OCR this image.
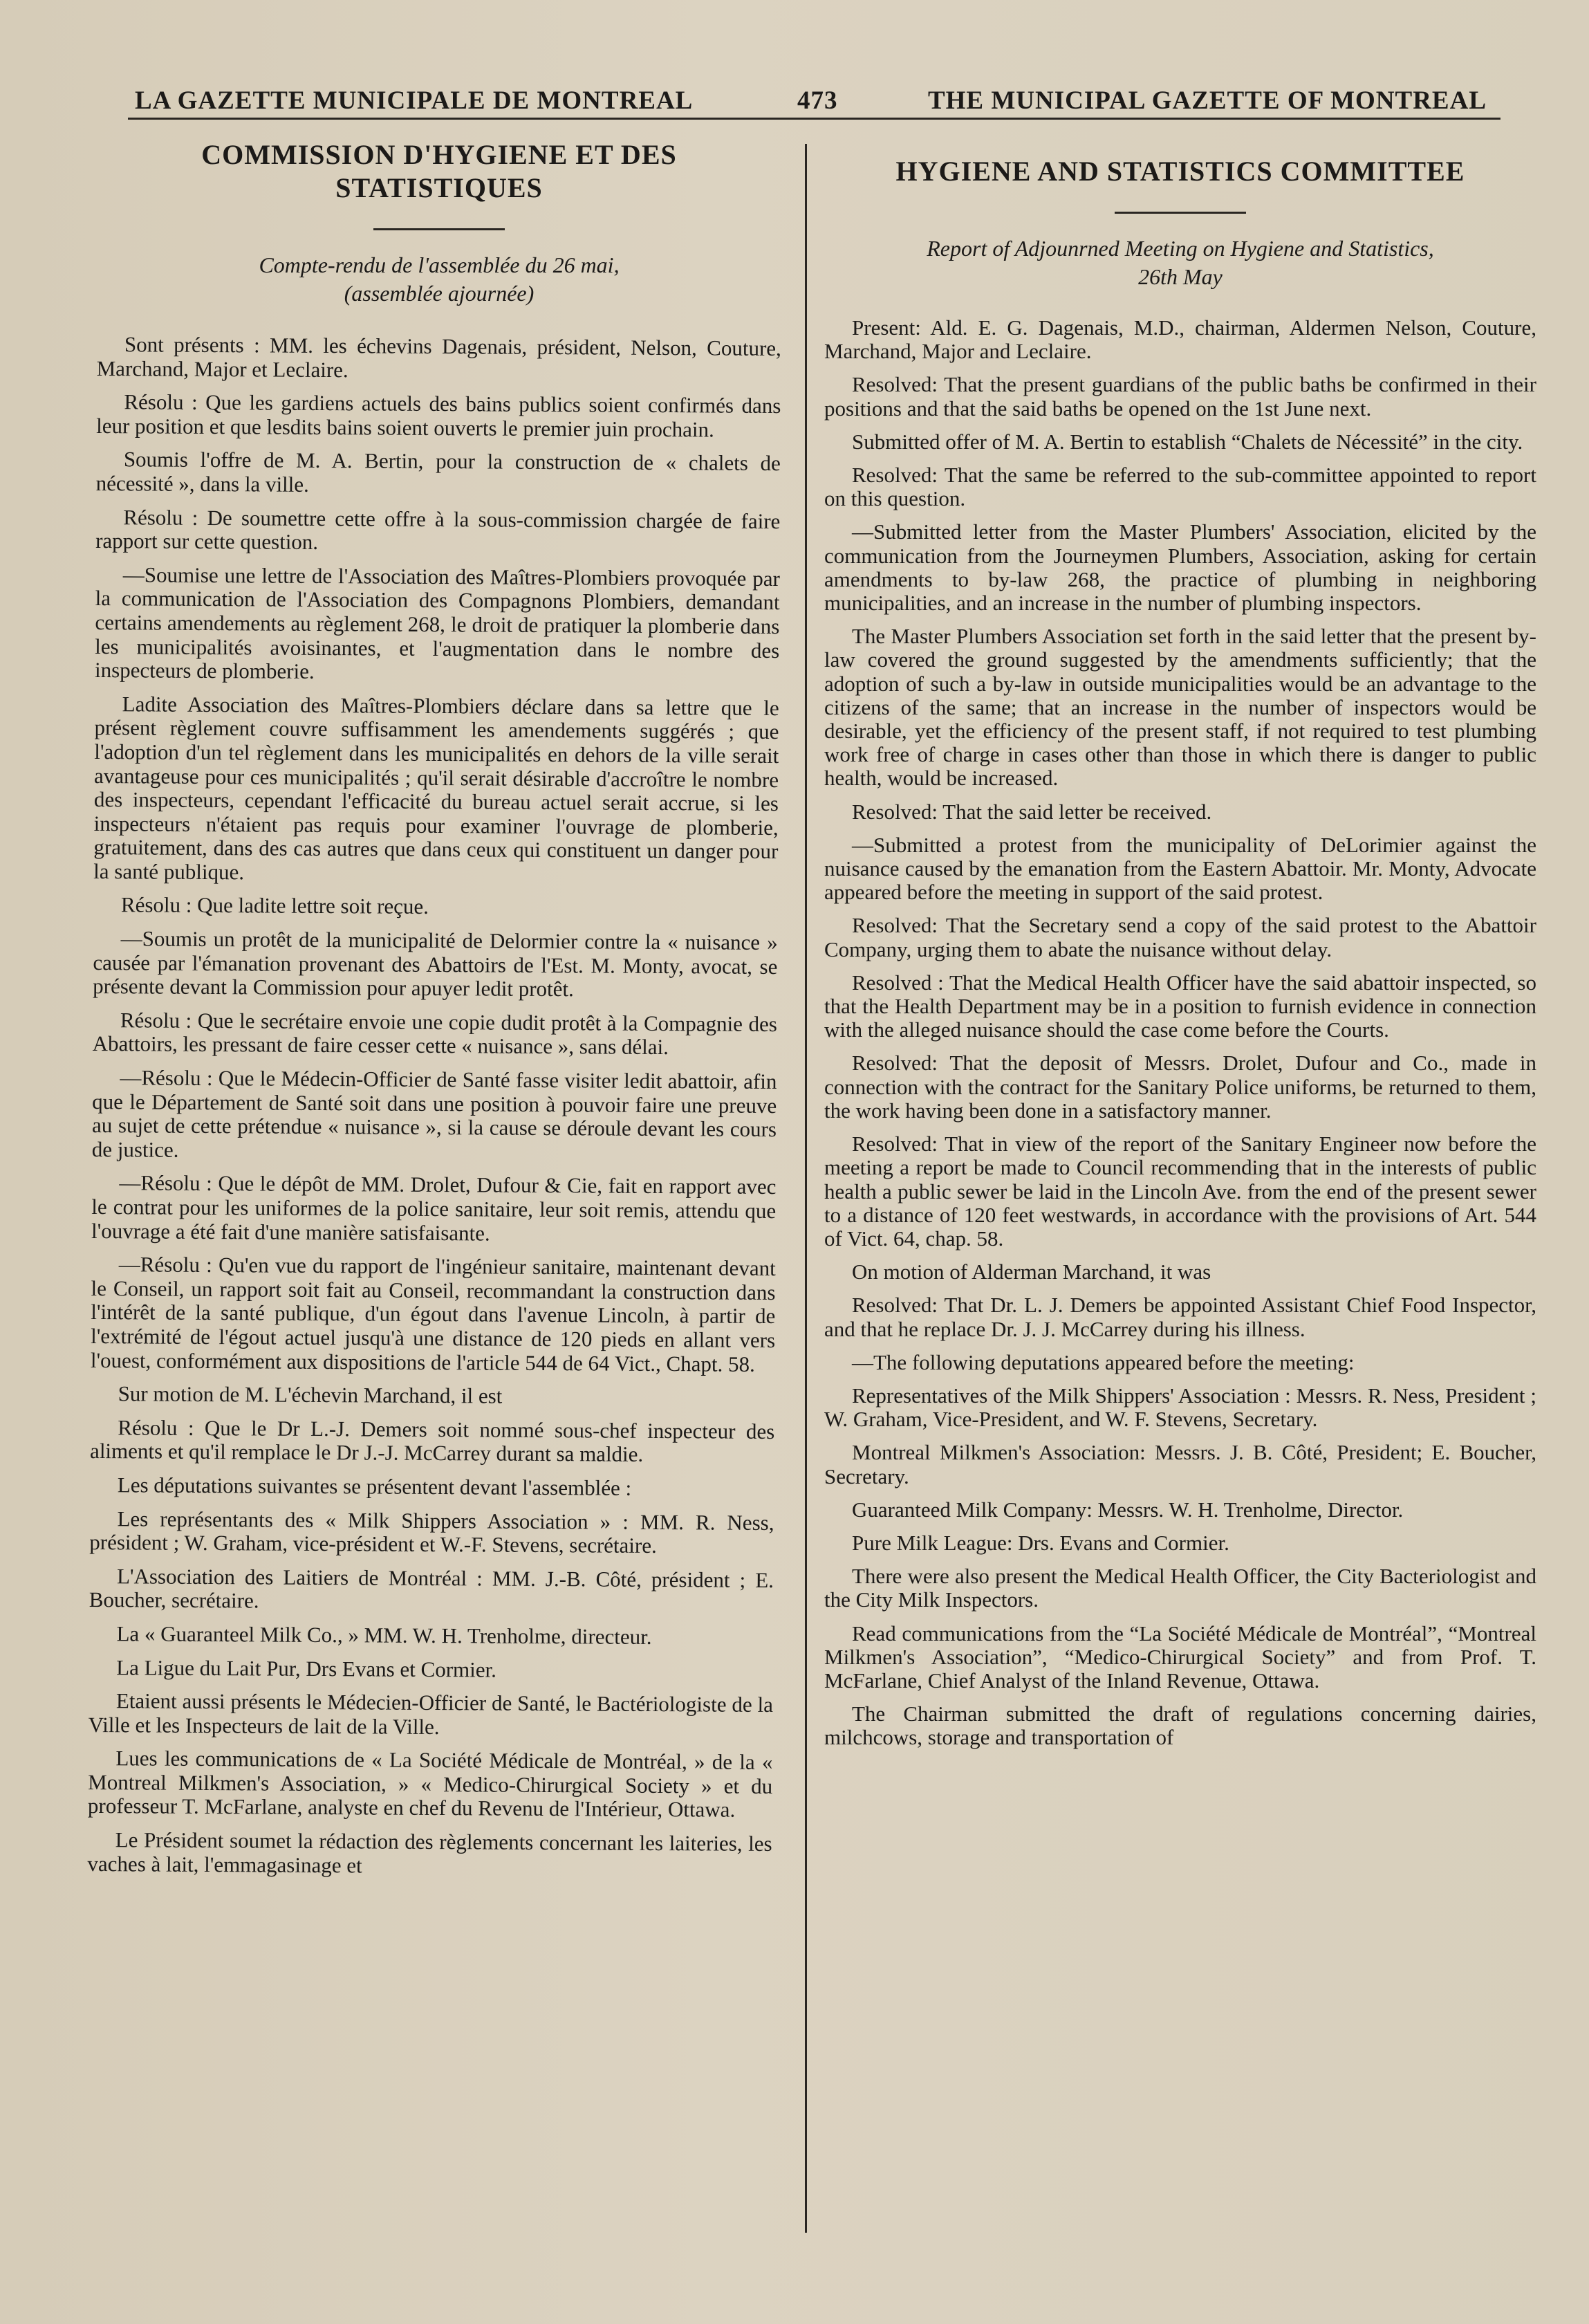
LA GAZETTE MUNICIPALE DE MONTREAL	473	THE MUNICIPAL GAZETTE OF MONTREAL
COMMISSION D'HYGIENE ET DES
STATISTIQUES
Compte-rendu de l'assemblée du 26 mai,
(assemblée ajournée)

Sont présents : MM. les échevins Dagenais, président, Nelson, Couture, Marchand, Major et Leclaire.

Résolu : Que les gardiens actuels des bains publics soient confirmés dans leur position et que lesdits bains soient ouverts le premier juin prochain.

Soumis l'offre de M. A. Bertin, pour la construction de « chalets de nécessité », dans la ville.

Résolu : De soumettre cette offre à la sous-commission chargée de faire rapport sur cette question.

—Soumise une lettre de l'Association des Maîtres-Plombiers provoquée par la communication de l'Association des Compagnons Plombiers, demandant certains amendements au règlement 268, le droit de pratiquer la plomberie dans les municipalités avoisinantes, et l'augmentation dans le nombre des inspecteurs de plomberie.

Ladite Association des Maîtres-Plombiers déclare dans sa lettre que le présent règlement couvre suffisamment les amendements suggérés ; que l'adoption d'un tel règlement dans les municipalités en dehors de la ville serait avantageuse pour ces municipalités ; qu'il serait désirable d'accroître le nombre des inspecteurs, cependant l'efficacité du bureau actuel serait accrue, si les inspecteurs n'étaient pas requis pour examiner l'ouvrage de plomberie, gratuitement, dans des cas autres que dans ceux qui constituent un danger pour la santé publique.

Résolu : Que ladite lettre soit reçue.

—Soumis un protêt de la municipalité de Delormier contre la « nuisance » causée par l'émanation provenant des Abattoirs de l'Est. M. Monty, avocat, se présente devant la Commission pour apuyer ledit protêt.

Résolu : Que le secrétaire envoie une copie dudit protêt à la Compagnie des Abattoirs, les pressant de faire cesser cette « nuisance », sans délai.

—Résolu : Que le Médecin-Officier de Santé fasse visiter ledit abattoir, afin que le Département de Santé soit dans une position à pouvoir faire une preuve au sujet de cette prétendue « nuisance », si la cause se déroule devant les cours de justice.

—Résolu : Que le dépôt de MM. Drolet, Dufour & Cie, fait en rapport avec le contrat pour les uniformes de la police sanitaire, leur soit remis, attendu que l'ouvrage a été fait d'une manière satisfaisante.

—Résolu : Qu'en vue du rapport de l'ingénieur sanitaire, maintenant devant le Conseil, un rapport soit fait au Conseil, recommandant la construction dans l'intérêt de la santé publique, d'un égout dans l'avenue Lincoln, à partir de l'extrémité de l'égout actuel jusqu'à une distance de 120 pieds en allant vers l'ouest, conformément aux dispositions de l'article 544 de 64 Vict., Chapt. 58.

Sur motion de M. L'échevin Marchand, il est

Résolu : Que le Dr L.-J. Demers soit nommé sous-chef inspecteur des aliments et qu'il remplace le Dr J.-J. McCarrey durant sa maldie.

Les députations suivantes se présentent devant l'assemblée :

Les représentants des « Milk Shippers Association » : MM. R. Ness, président ; W. Graham, vice-président et W.-F. Stevens, secrétaire.

L'Association des Laitiers de Montréal : MM. J.-B. Côté, président ; E. Boucher, secrétaire.

La « Guaranteel Milk Co., » MM. W. H. Trenholme, directeur.

La Ligue du Lait Pur, Drs Evans et Cormier.

Etaient aussi présents le Médecien-Officier de Santé, le Bactériologiste de la Ville et les Inspecteurs de lait de la Ville.

Lues les communications de « La Société Médicale de Montréal, » de la « Montreal Milkmen's Association, » « Medico-Chirurgical Society » et du professeur T. McFarlane, analyste en chef du Revenu de l'Intérieur, Ottawa.

Le Président soumet la rédaction des règlements concernant les laiteries, les vaches à lait, l'emmagasinage et

HYGIENE AND STATISTICS COMMITTEE
Report of Adjounrned Meeting on Hygiene and Statistics,
26th May

Present: Ald. E. G. Dagenais, M.D., chairman, Aldermen Nelson, Couture, Marchand, Major and Leclaire.

Resolved: That the present guardians of the public baths be confirmed in their positions and that the said baths be opened on the 1st June next.

Submitted offer of M. A. Bertin to establish “Chalets de Nécessité” in the city.

Resolved: That the same be referred to the sub-committee appointed to report on this question.

—Submitted letter from the Master Plumbers' Association, elicited by the communication from the Journeymen Plumbers, Association, asking for certain amendments to by-law 268, the practice of plumbing in neighboring municipalities, and an increase in the number of plumbing inspectors.

The Master Plumbers Association set forth in the said letter that the present by-law covered the ground suggested by the amendments sufficiently; that the adoption of such a by-law in outside municipalities would be an advantage to the citizens of the same; that an increase in the number of inspectors would be desirable, yet the efficiency of the present staff, if not required to test plumbing work free of charge in cases other than those in which there is danger to public health, would be increased.

Resolved: That the said letter be received.

—Submitted a protest from the municipality of DeLorimier against the nuisance caused by the emanation from the Eastern Abattoir. Mr. Monty, Advocate appeared before the meeting in support of the said protest.

Resolved: That the Secretary send a copy of the said protest to the Abattoir Company, urging them to abate the nuisance without delay.

Resolved : That the Medical Health Officer have the said abattoir inspected, so that the Health Department may be in a position to furnish evidence in connection with the alleged nuisance should the case come before the Courts.

Resolved: That the deposit of Messrs. Drolet, Dufour and Co., made in connection with the contract for the Sanitary Police uniforms, be returned to them, the work having been done in a satisfactory manner.

Resolved: That in view of the report of the Sanitary Engineer now before the meeting a report be made to Council recommending that in the interests of public health a public sewer be laid in the Lincoln Ave. from the end of the present sewer to a distance of 120 feet westwards, in accordance with the provisions of Art. 544 of Vict. 64, chap. 58.

On motion of Alderman Marchand, it was

Resolved: That Dr. L. J. Demers be appointed Assistant Chief Food Inspector, and that he replace Dr. J. J. McCarrey during his illness.

—The following deputations appeared before the meeting:

Representatives of the Milk Shippers' Association : Messrs. R. Ness, President ; W. Graham, Vice-President, and W. F. Stevens, Secretary.

Montreal Milkmen's Association: Messrs. J. B. Côté, President; E. Boucher, Secretary.

Guaranteed Milk Company: Messrs. W. H. Trenholme, Director.

Pure Milk League: Drs. Evans and Cormier.

There were also present the Medical Health Officer, the City Bacteriologist and the City Milk Inspectors.

Read communications from the “La Société Médicale de Montréal”, “Montreal Milkmen's Association”, “Medico-Chirurgical Society” and from Prof. T. McFarlane, Chief Analyst of the Inland Revenue, Ottawa.

The Chairman submitted the draft of regulations concerning dairies, milchcows, storage and transportation of
